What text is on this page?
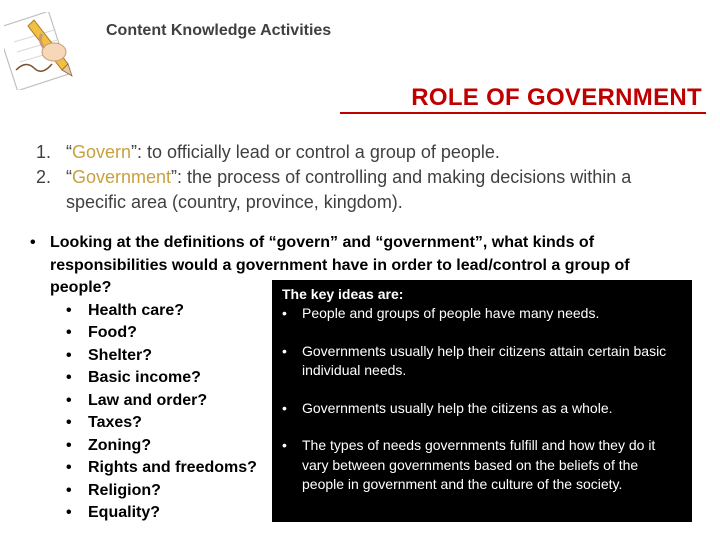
Content Knowledge Activities
ROLE OF GOVERNMENT
1. “Govern”: to officially lead or control a group of people.
2. “Government”: the process of controlling and making decisions within a specific area (country, province, kingdom).
• Looking at the definitions of “govern” and “government”, what kinds of responsibilities would a government have in order to lead/control a group of people?
•	Health care?
•	Food?
•	Shelter?
•	Basic income?
•	Law and order?
•	Taxes?
•	Zoning?
•	Rights and freedoms?
•	Religion?
•	Equality?
The key ideas are:
•	People and groups of people have many needs.
•	Governments usually help their citizens attain certain basic individual needs.
•	Governments usually help the citizens as a whole.
•	The types of needs governments fulfill and how they do it vary between governments based on the beliefs of the people in government and the culture of the society.
